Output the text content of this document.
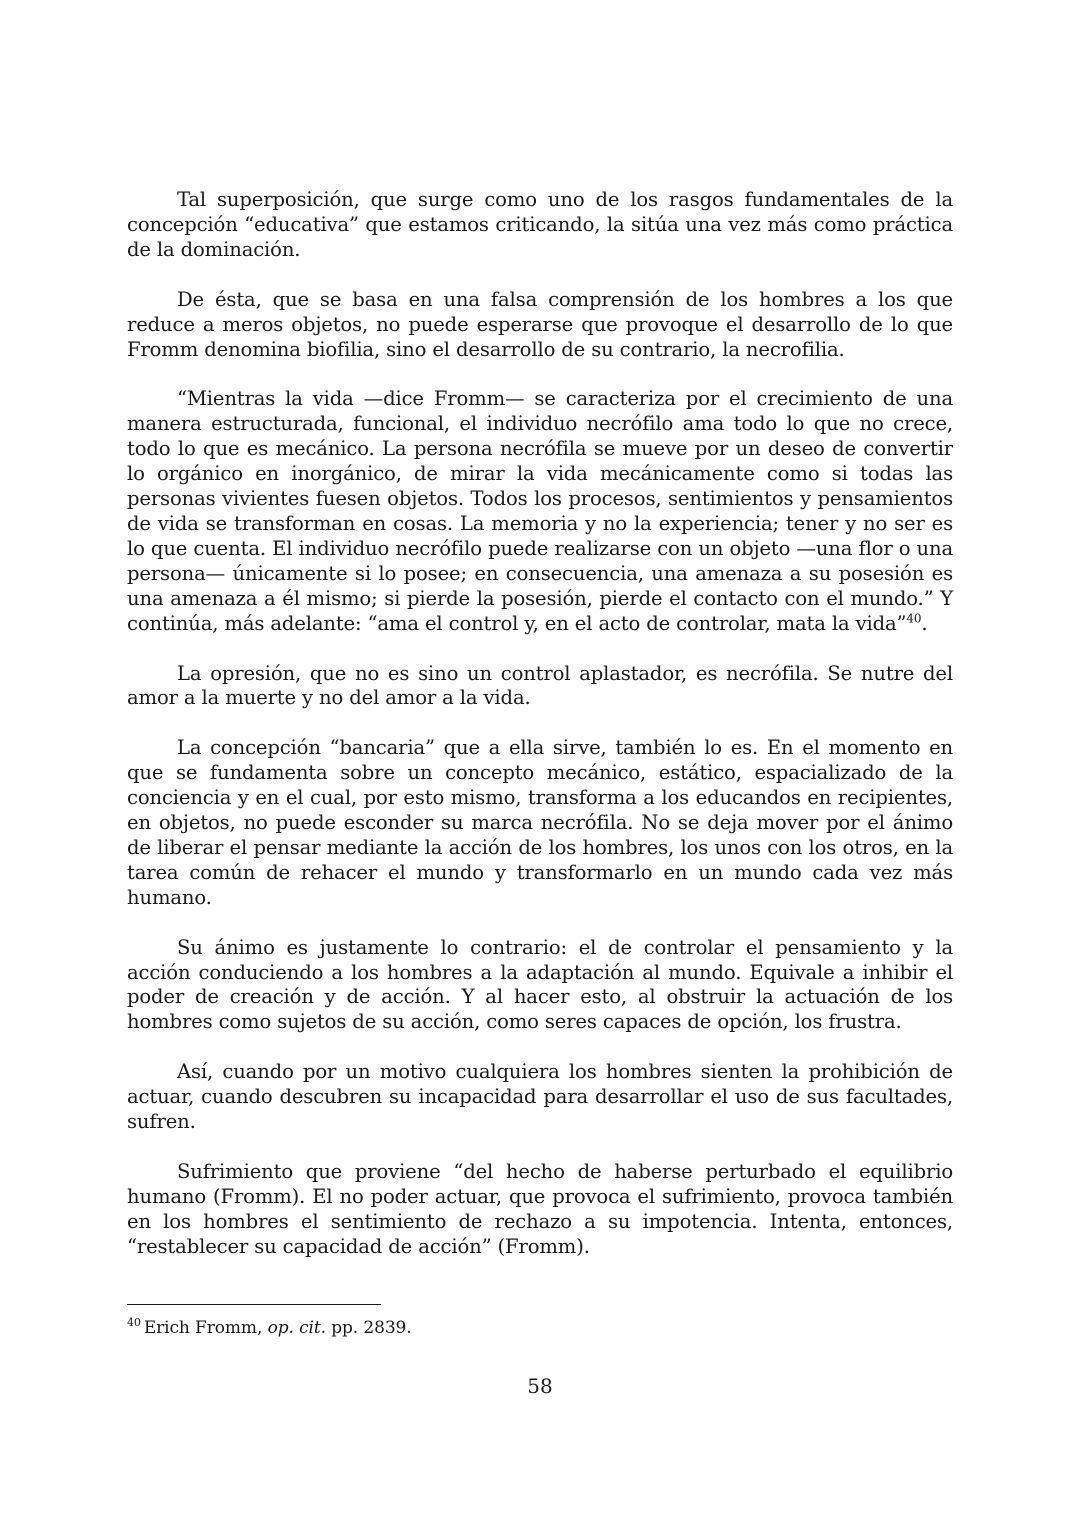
Tal superposición, que surge como uno de los rasgos fundamentales de la concepción “educativa” que estamos criticando, la sitúa una vez más como práctica de la dominación.

De ésta, que se basa en una falsa comprensión de los hombres a los que reduce a meros objetos, no puede esperarse que provoque el desarrollo de lo que Fromm denomina biofilia, sino el desarrollo de su contrario, la necrofilia.

“Mientras la vida —dice Fromm— se caracteriza por el crecimiento de una manera estructurada, funcional, el individuo necrófilo ama todo lo que no crece, todo lo que es mecánico. La persona necrófila se mueve por un deseo de convertir lo orgánico en inorgánico, de mirar la vida mecánicamente como si todas las personas vivientes fuesen objetos. Todos los procesos, sentimientos y pensamientos de vida se transforman en cosas. La memoria y no la experiencia; tener y no ser es lo que cuenta. El individuo necrófilo puede realizarse con un objeto —una flor o una persona— únicamente si lo posee; en consecuencia, una amenaza a su posesión es una amenaza a él mismo; si pierde la posesión, pierde el contacto con el mundo.” Y continúa, más adelante: “ama el control y, en el acto de controlar, mata la vida”$^{40}$.

La opresión, que no es sino un control aplastador, es necrófila. Se nutre del amor a la muerte y no del amor a la vida.

La concepción “bancaria” que a ella sirve, también lo es. En el momento en que se fundamenta sobre un concepto mecánico, estático, espacializado de la conciencia y en el cual, por esto mismo, transforma a los educandos en recipientes, en objetos, no puede esconder su marca necrófila. No se deja mover por el ánimo de liberar el pensar mediante la acción de los hombres, los unos con los otros, en la tarea común de rehacer el mundo y transformarlo en un mundo cada vez más humano.

Su ánimo es justamente lo contrario: el de controlar el pensamiento y la acción conduciendo a los hombres a la adaptación al mundo. Equivale a inhibir el poder de creación y de acción. Y al hacer esto, al obstruir la actuación de los hombres como sujetos de su acción, como seres capaces de opción, los frustra.

Así, cuando por un motivo cualquiera los hombres sienten la prohibición de actuar, cuando descubren su incapacidad para desarrollar el uso de sus facultades, sufren.

Sufrimiento que proviene “del hecho de haberse perturbado el equilibrio humano (Fromm). El no poder actuar, que provoca el sufrimiento, provoca también en los hombres el sentimiento de rechazo a su impotencia. Intenta, entonces, “restablecer su capacidad de acción” (Fromm).

$^{40}$ Erich Fromm, op. cit. pp. 2839.
58
